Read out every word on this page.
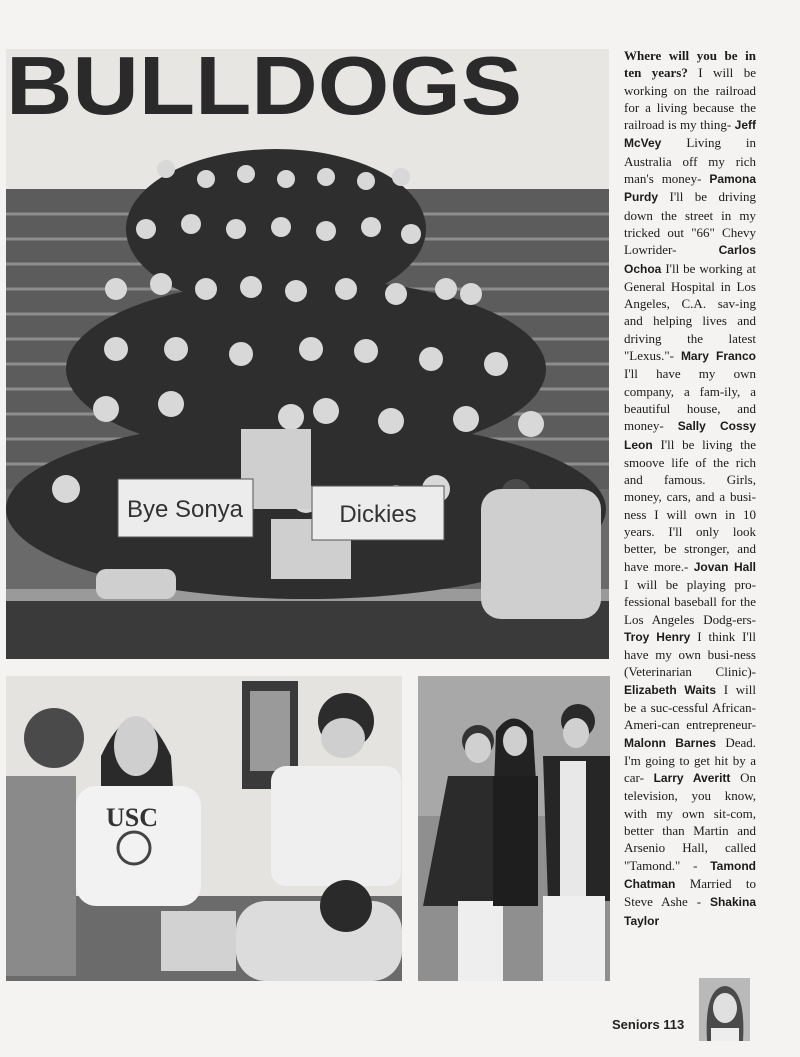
BULLDOGS
Bye Sonya	Dickies
USC
Where will you be in ten years? I will be working on the railroad for a living because the railroad is my thing- Jeff McVey Living in Australia off my rich man's money- Pamona Purdy I'll be driving down the street in my tricked out "66" Chevy Lowrider- Carlos Ochoa I'll be working at General Hospital in Los Angeles, C.A. sav-ing and helping lives and driving the latest "Lexus."- Mary Franco I'll have my own company, a fam-ily, a beautiful house, and money- Sally Cossy Leon I'll be living the smoove life of the rich and famous. Girls, money, cars, and a busi-ness I will own in 10 years. I'll only look better, be stronger, and have more.- Jovan Hall I will be playing pro-fessional baseball for the Los Angeles Dodg-ers- Troy Henry I think I'll have my own busi-ness (Veterinarian Clinic)- Elizabeth Waits I will be a suc-cessful African-Ameri-can entrepreneur- Malonn Barnes Dead. I'm going to get hit by a car- Larry Averitt On television, you know, with my own sit-com, better than Martin and Arsenio Hall, called "Tamond." - Tamond Chatman Married to Steve Ashe - Shakina Taylor
Seniors 113
